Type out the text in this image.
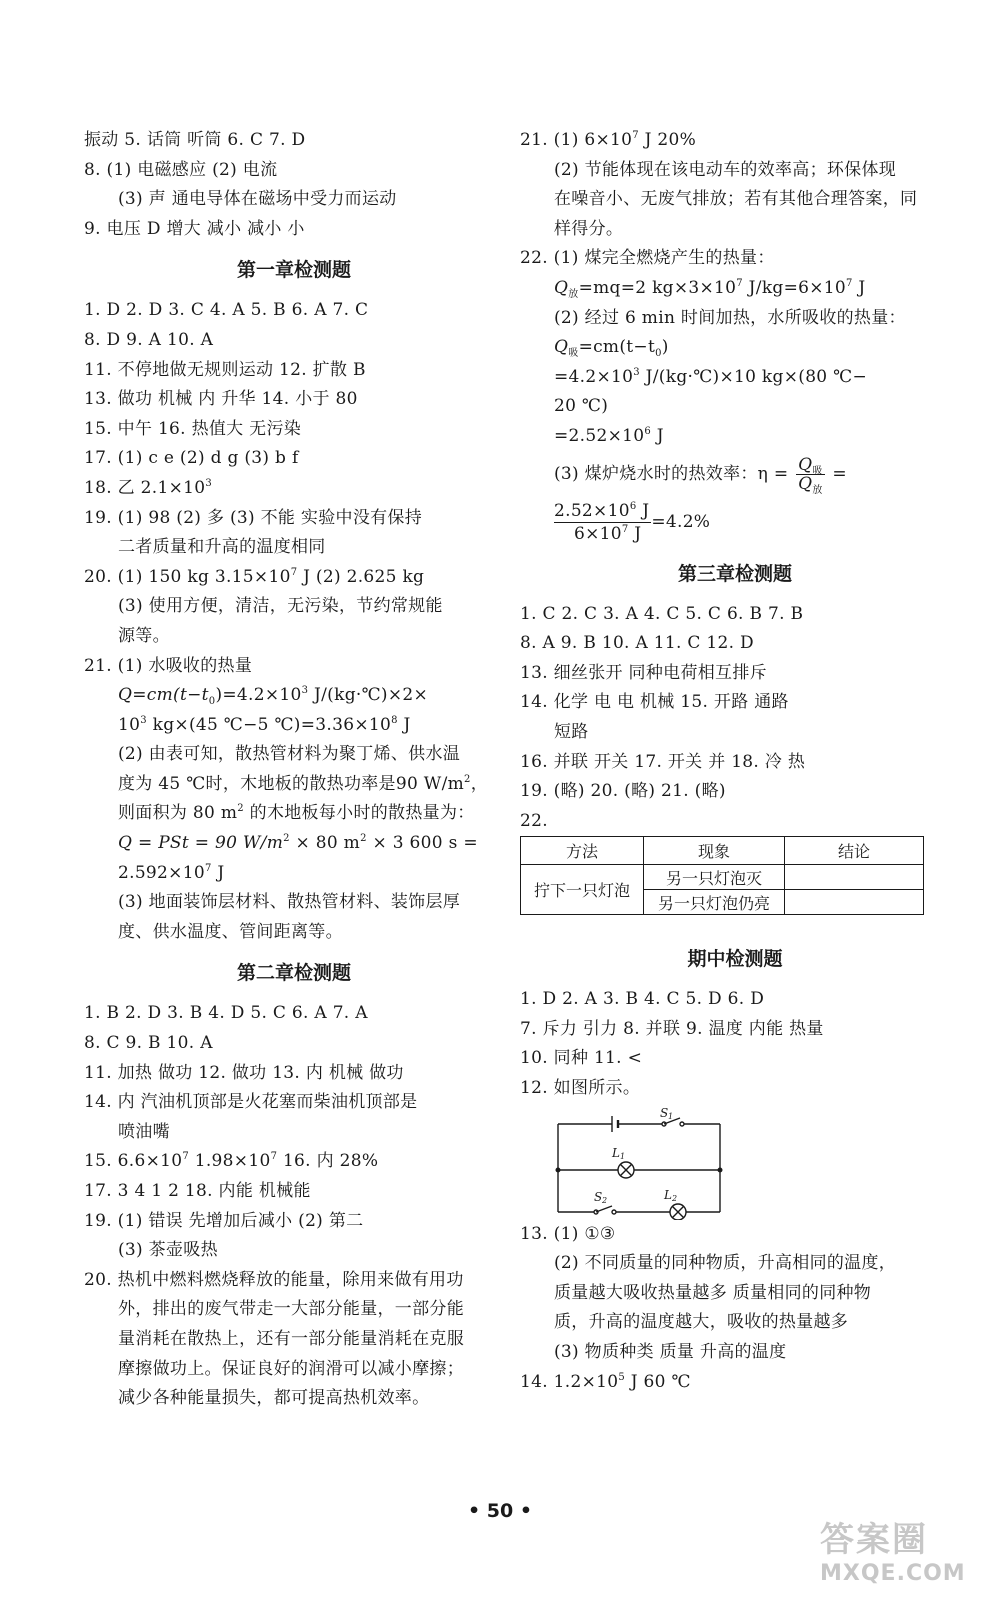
振动 5. 话筒 听筒 6. C 7. D
8. (1) 电磁感应 (2) 电流
(3) 声 通电导体在磁场中受力而运动
9. 电压 D 增大 减小 减小 小
第一章检测题
1. D 2. D 3. C 4. A 5. B 6. A 7. C
8. D 9. A 10. A
11. 不停地做无规则运动 12. 扩散 B
13. 做功 机械 内 升华 14. 小于 80
15. 中午 16. 热值大 无污染
17. (1) c e (2) d g (3) b f
18. 乙 $2.1\times 10^3$
19. (1) 98 (2) 多 (3) 不能 实验中没有保持
二者质量和升高的温度相同
20. (1) 150 kg $3.15\times 10^7$ J (2) 2.625 kg
(3) 使用方便，清洁，无污染，节约常规能
源等。
21. (1) 水吸收的热量
$Q=cm(t-t_0)=4.2\times 10^3$ J/(kg·℃)×2×
$10^3$ kg×(45 ℃−5 $℃)=3.36\times 10^8$ J
(2) 由表可知，散热管材料为聚丁烯、供水温
度为 45 ℃时，木地板的散热功率是90 $W/m^2$，
则面积为 80 $m^2$ 的木地板每小时的散热量为：
Q = PSt = 90 $W/m^2 \times 80$ $m^2 \times 3$ 600 s =
$2.592\times 10^7$ J
(3) 地面装饰层材料、散热管材料、装饰层厚
度、供水温度、管间距离等。
第二章检测题
1. B 2. D 3. B 4. D 5. C 6. A 7. A
8. C 9. B 10. A
11. 加热 做功 12. 做功 13. 内 机械 做功
14. 内 汽油机顶部是火花塞而柴油机顶部是
喷油嘴
15. $6.6\times 10^7$ $1.98\times 10^7$ 16. 内 28%
17. 3 4 1 2 18. 内能 机械能
19. (1) 错误 先增加后减小 (2) 第二
(3) 茶壶吸热
20. 热机中燃料燃烧释放的能量，除用来做有用功
外，排出的废气带走一大部分能量，一部分能
量消耗在散热上，还有一部分能量消耗在克服
摩擦做功上。保证良好的润滑可以减小摩擦；
减少各种能量损失，都可提高热机效率。
21. (1) $6\times 10^7$ J 20%
(2) 节能体现在该电动车的效率高；环保体现
在噪音小、无废气排放；若有其他合理答案，同
样得分。
22. (1) 煤完全燃烧产生的热量：
$Q_放=mq=2$ $kg\times 3\times 10^7$ $J/kg=6\times 10^7$ J
(2) 经过 6 min 时间加热，水所吸收的热量：
$Q_吸=cm(t-t_0)$
$=4.2\times 10^3$ J/(kg·℃)×10 kg×(80 ℃−
20 ℃)
$=2.52\times 10^6$ J
(3) 煤炉烧水时的热效率：$\eta = \frac{Q_吸}{Q_放}$ =
$\frac{2.52\times 10^6 J}{6\times 10^7 J} =4.2\%$
第三章检测题
1. C 2. C 3. A 4. C 5. C 6. B 7. B
8. A 9. B 10. A 11. C 12. D
13. 细丝张开 同种电荷相互排斥
14. 化学 电 电 机械 15. 开路 通路
短路
16. 并联 开关 17. 开关 并 18. 冷 热
19. (略) 20. (略) 21. (略)
22.
方法	现象	结论
拧下一只灯泡	另一只灯泡灭	
	另一只灯泡仍亮	
期中检测题
1. D 2. A 3. B 4. C 5. D 6. D
7. 斥力 引力 8. 并联 9. 温度 内能 热量
10. 同种 11. <
12. 如图所示。
S 1
L 1
S 2	L 2
13. (1) ①③
(2) 不同质量的同种物质，升高相同的温度，
质量越大吸收热量越多 质量相同的同种物
质，升高的温度越大，吸收的热量越多
(3) 物质种类 质量 升高的温度
14. $1.2\times 10^5$ J 60 ℃
• 50 •
答案圈
MXQE.COM
